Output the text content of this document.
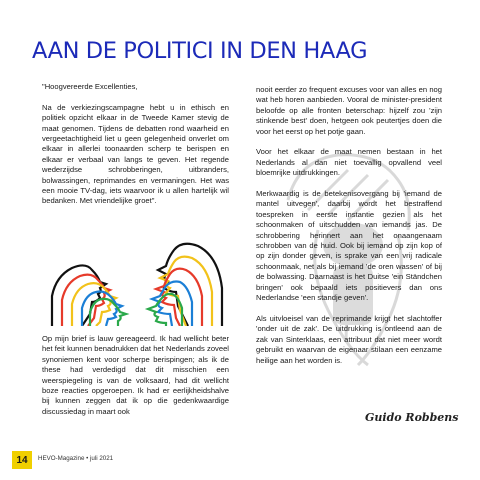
AAN DE POLITICI IN DEN HAAG

"Hoogvereerde Excellenties,

Na de verkiezingscampagne hebt u in ethisch en politiek opzicht elkaar in de Tweede Kamer stevig de maat genomen. Tijdens de debatten rond waarheid en vergeetachtigheid liet u geen gelegenheid onverlet om elkaar in allerlei toonaarden scherp te berispen en elkaar er verbaal van langs te geven. Het regende wederzijdse schrobberingen, uitbranders, bolwassingen, reprimandes en vermaningen. Het was een mooie TV-dag, iets waarvoor ik u allen hartelijk wil bedanken. Met vriendelijke groet".

Op mijn brief is lauw gereageerd. Ik had wellicht beter het feit kunnen benadrukken dat het Nederlands zoveel synoniemen kent voor scherpe berispingen; als ik de these had verdedigd dat dit misschien een weerspiegeling is van de volksaard, had dit wellicht boze reacties opgeroepen. Ik had er eerlijkheidshalve bij kunnen zeggen dat ik op die gedenkwaardige discussiedag in maart ook

nooit eerder zo frequent excuses voor van alles en nog wat heb horen aanbieden. Vooral de minister-president beloofde op alle fronten beterschap: hijzelf zou 'zijn stinkende best' doen, hetgeen ook peutertjes doen die voor het eerst op het potje gaan.

Voor het elkaar de maat nemen bestaan in het Nederlands al dan niet toevallig opvallend veel bloemrijke uitdrukkingen.

Merkwaardig is de betekenisovergang bij 'iemand de mantel uitvegen', daarbij wordt het bestraffend toespreken in eerste instantie gezien als het schoonmaken of uitschudden van iemands jas. De schrobbering herinnert aan het onaangenaam schrobben van de huid. Ook bij iemand op zijn kop of op zijn donder geven, is sprake van een vrij radicale schoonmaak, net als bij iemand 'de oren wassen' of bij de bolwassing. Daarnaast is het Duitse 'ein Ständchen bringen' ook bepaald iets positievers dan ons Nederlandse 'een standje geven'.

Als uitvloeisel van de reprimande krijgt het slachtoffer 'onder uit de zak'. De uitdrukking is ontleend aan de zak van Sinterklaas, een attribuut dat niet meer wordt gebruikt en waarvan de eigenaar stilaan een eenzame heilige aan het worden is.

Guido Robbens
14	HEVO-Magazine • juli 2021
